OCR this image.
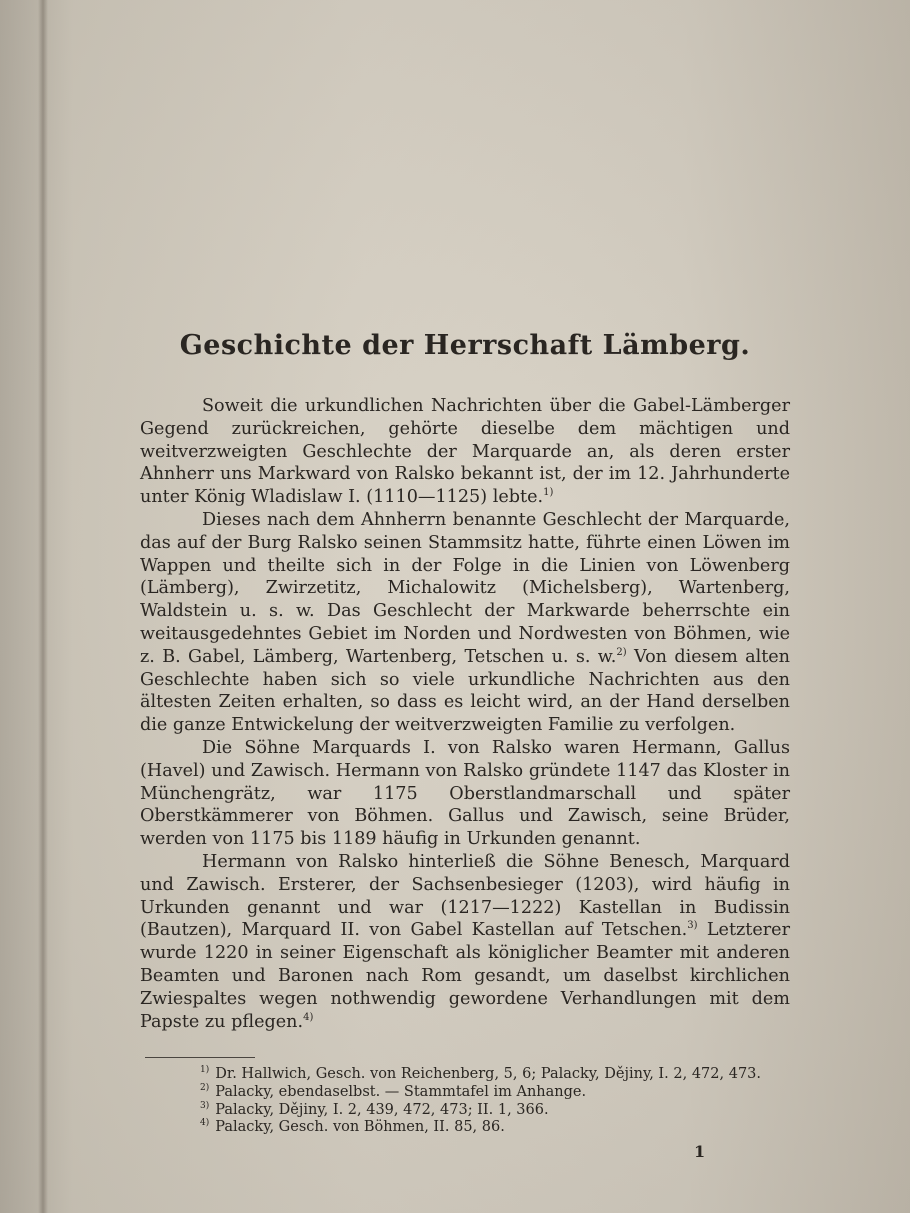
Geschichte der Herrschaft Lämberg.

Soweit die urkundlichen Nachrichten über die Gabel-Lämberger Gegend zurückreichen, gehörte dieselbe dem mächtigen und weitverzweigten Geschlechte der Marquarde an, als deren erster Ahnherr uns Markward von Ralsko bekannt ist, der im 12. Jahrhunderte unter König Wladislaw I. (1110—1125) lebte.$^{1)}$

Dieses nach dem Ahnherrn benannte Geschlecht der Marquarde, das auf der Burg Ralsko seinen Stammsitz hatte, führte einen Löwen im Wappen und theilte sich in der Folge in die Linien von Löwenberg (Lämberg), Zwirzetitz, Michalowitz (Michelsberg), Wartenberg, Waldstein u. s. w. Das Geschlecht der Markwarde beherrschte ein weitausgedehntes Gebiet im Norden und Nordwesten von Böhmen, wie z. B. Gabel, Lämberg, Wartenberg, Tetschen u. s. w.$^{2)}$ Von diesem alten Geschlechte haben sich so viele urkundliche Nachrichten aus den ältesten Zeiten erhalten, so dass es leicht wird, an der Hand derselben die ganze Entwickelung der weitverzweigten Familie zu verfolgen.

Die Söhne Marquards I. von Ralsko waren Hermann, Gallus (Havel) und Zawisch. Hermann von Ralsko gründete 1147 das Kloster in Münchengrätz, war 1175 Oberstlandmarschall und später Oberstkämmerer von Böhmen. Gallus und Zawisch, seine Brüder, werden von 1175 bis 1189 häufig in Urkunden genannt.

Hermann von Ralsko hinterließ die Söhne Benesch, Marquard und Zawisch. Ersterer, der Sachsenbesieger (1203), wird häufig in Urkunden genannt und war (1217—1222) Kastellan in Budissin (Bautzen), Marquard II. von Gabel Kastellan auf Tetschen.$^{3)}$ Letzterer wurde 1220 in seiner Eigenschaft als königlicher Beamter mit anderen Beamten und Baronen nach Rom gesandt, um daselbst kirchlichen Zwiespaltes wegen nothwendig gewordene Verhandlungen mit dem Papste zu pflegen.$^{4)}$

$^{1)}$ Dr. Hallwich, Gesch. von Reichenberg, 5, 6; Palacky, Dějiny, I. 2, 472, 473.

$^{2)}$ Palacky, ebendaselbst. — Stammtafel im Anhange.

$^{3)}$ Palacky, Dějiny, I. 2, 439, 472, 473; II. 1, 366.

$^{4)}$ Palacky, Gesch. von Böhmen, II. 85, 86.

1
